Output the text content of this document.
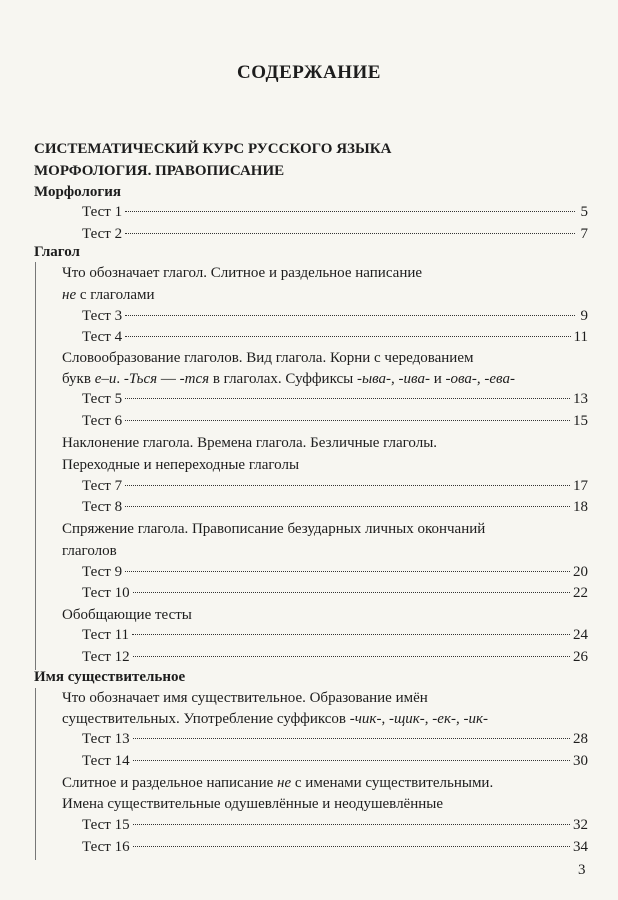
СОДЕРЖАНИЕ
СИСТЕМАТИЧЕСКИЙ КУРС РУССКОГО ЯЗЫКА
МОРФОЛОГИЯ. ПРАВОПИСАНИЕ
Морфология
Тест 1	5
Тест 2	7
Глагол
Что обозначает глагол. Слитное и раздельное написание
не с глаголами
Тест 3	9
Тест 4	11
Словообразование глаголов. Вид глагола. Корни с чередованием
букв е–и. -Ться — -тся в глаголах. Суффиксы -ыва-, -ива- и -ова-, -ева-
Тест 5	13
Тест 6	15
Наклонение глагола. Времена глагола. Безличные глаголы.
Переходные и непереходные глаголы
Тест 7	17
Тест 8	18
Спряжение глагола. Правописание безударных личных окончаний
глаголов
Тест 9	20
Тест 10	22
Обобщающие тесты
Тест 11	24
Тест 12	26
Имя существительное
Что обозначает имя существительное. Образование имён
существительных. Употребление суффиксов -чик-, -щик-, -ек-, -ик-
Тест 13	28
Тест 14	30
Слитное и раздельное написание не с именами существительными.
Имена существительные одушевлённые и неодушевлённые
Тест 15	32
Тест 16	34
3
